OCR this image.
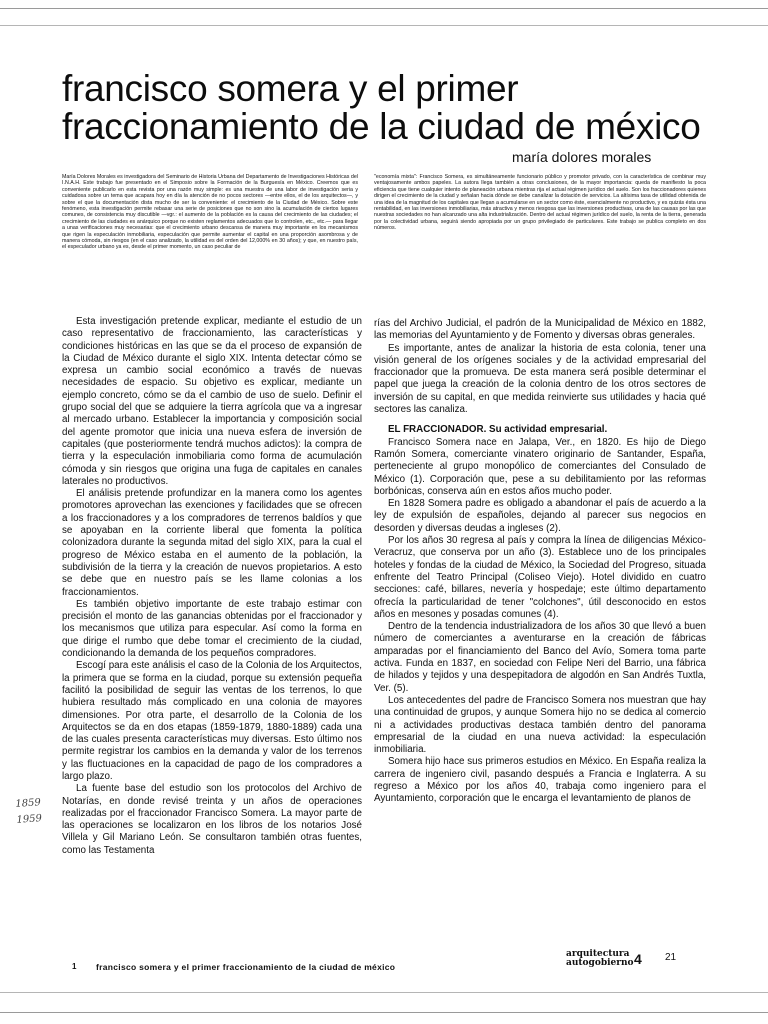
francisco somera y el primer fraccionamiento de la ciudad de méxico
maría dolores morales

María Dolores Morales es investigadora del Seminario de Historia Urbana del Departamento de Investigaciones Históricas del I.N.A.H. Este trabajo fue presentado en el Simposio sobre la Formación de la Burguesía en México. Creemos que es conveniente publicarlo en esta revista por una razón muy simple: es una muestra de una labor de investigación seria y cuidadosa sobre un tema que acapara hoy en día la atención de no pocos sectores —entre ellos, el de los arquitectos—, y sobre el que la documentación dista mucho de ser la conveniente: el crecimiento de la Ciudad de México. Sobre este fenómeno, esta investigación permite rebasar una serie de posiciones que no son sino la acumulación de ciertos lugares comunes, de consistencia muy discutible —vgr.: el aumento de la población es la causa del crecimiento de las ciudades; el crecimiento de las ciudades es anárquico porque no existen reglamentos adecuados que lo controlen, etc., etc.— para llegar a unas verificaciones muy necesarias: que el crecimiento urbano descansa de manera muy importante en los mecanismos que rigen la especulación inmobiliaria, especulación que permite aumentar el capital en una proporción asombrosa y de manera cómoda, sin riesgos (en el caso analizado, la utilidad es del orden del 12,000% en 30 años); y que, en nuestro país, el especulador urbano ya es, desde el primer momento, un caso peculiar de

"economía mixta": Francisco Somera, es simultáneamente funcionario público y promotor privado, con la característica de combinar muy ventajosamente ambos papeles. La autora llega también a otras conclusiones, de la mayor importancia: queda de manifiesto la poca eficiencia que tiene cualquier intento de planeación urbana mientras rija el actual régimen jurídico del suelo. Son los fraccionadores quienes dirigen el crecimiento de la ciudad y señalan hacia dónde se debe canalizar la dotación de servicios. La altísima tasa de utilidad obtenida de una idea de la magnitud de los capitales que llegan a acumularse en un sector como éste, esencialmente no productivo, y es quizás ésta una rentabilidad, en las inversiones inmobiliarias, más atractiva y menos riesgosa que las inversiones productivas, una de las causas por las que nuestras sociedades no han alcanzado una alta industrialización. Dentro del actual régimen jurídico del suelo, la renta de la tierra, generada por la colectividad urbana, seguirá siendo apropiada por un grupo privilegiado de particulares. Este trabajo se publica completo en dos números.

Esta investigación pretende explicar, mediante el estudio de un caso representativo de fraccionamiento, las características y condiciones históricas en las que se da el proceso de expansión de la Ciudad de México durante el siglo XIX. Intenta detectar cómo se expresa un cambio social económico a través de nuevas necesidades de espacio. Su objetivo es explicar, mediante un ejemplo concreto, cómo se da el cambio de uso de suelo. Definir el grupo social del que se adquiere la tierra agrícola que va a ingresar al mercado urbano. Establecer la importancia y composición social del agente promotor que inicia una nueva esfera de inversión de capitales (que posteriormente tendrá muchos adictos): la compra de tierra y la especulación inmobiliaria como forma de acumulación cómoda y sin riesgos que origina una fuga de capitales en canales laterales no productivos.

El análisis pretende profundizar en la manera como los agentes promotores aprovechan las exenciones y facilidades que se ofrecen a los fraccionadores y a los compradores de terrenos baldíos y que se apoyaban en la corriente liberal que fomenta la política colonizadora durante la segunda mitad del siglo XIX, para la cual el progreso de México estaba en el aumento de la población, la subdivisión de la tierra y la creación de nuevos propietarios. A esto se debe que en nuestro país se les llame colonias a los fraccionamientos.

Es también objetivo importante de este trabajo estimar con precisión el monto de las ganancias obtenidas por el fraccionador y los mecanismos que utiliza para especular. Así como la forma en que dirige el rumbo que debe tomar el crecimiento de la ciudad, condicionando la demanda de los pequeños compradores.

Escogí para este análisis el caso de la Colonia de los Arquitectos, la primera que se forma en la ciudad, porque su extensión pequeña facilitó la posibilidad de seguir las ventas de los terrenos, lo que hubiera resultado más complicado en una colonia de mayores dimensiones. Por otra parte, el desarrollo de la Colonia de los Arquitectos se da en dos etapas (1859-1879, 1880-1889) cada una de las cuales presenta características muy diversas. Esto último nos permite registrar los cambios en la demanda y valor de los terrenos y las fluctuaciones en la capacidad de pago de los compradores a largo plazo.

La fuente base del estudio son los protocolos del Archivo de Notarías, en donde revisé treinta y un años de operaciones realizadas por el fraccionador Francisco Somera. La mayor parte de las operaciones se localizaron en los libros de los notarios José Villela y Gil Mariano León. Se consultaron también otras fuentes, como las Testamenta

rías del Archivo Judicial, el padrón de la Municipalidad de México en 1882, las memorias del Ayuntamiento y de Fomento y diversas obras generales.

Es importante, antes de analizar la historia de esta colonia, tener una visión general de los orígenes sociales y de la actividad empresarial del fraccionador que la promueva. De esta manera será posible determinar el papel que juega la creación de la colonia dentro de los otros sectores de inversión de su capital, en que medida reinvierte sus utilidades y hacia qué sectores las canaliza.

EL FRACCIONADOR. Su actividad empresarial.

Francisco Somera nace en Jalapa, Ver., en 1820. Es hijo de Diego Ramón Somera, comerciante vinatero originario de Santander, España, perteneciente al grupo monopólico de comerciantes del Consulado de México (1). Corporación que, pese a su debilitamiento por las reformas borbónicas, conserva aún en estos años mucho poder.

En 1828 Somera padre es obligado a abandonar el país de acuerdo a la ley de expulsión de españoles, dejando al parecer sus negocios en desorden y diversas deudas a ingleses (2).

Por los años 30 regresa al país y compra la línea de diligencias México-Veracruz, que conserva por un año (3). Establece uno de los principales hoteles y fondas de la ciudad de México, la Sociedad del Progreso, situada enfrente del Teatro Principal (Coliseo Viejo). Hotel dividido en cuatro secciones: café, billares, nevería y hospedaje; este último departamento ofrecía la particularidad de tener "colchones", útil desconocido en estos años en mesones y posadas comunes (4).

Dentro de la tendencia industrializadora de los años 30 que llevó a buen número de comerciantes a aventurarse en la creación de fábricas amparadas por el financiamiento del Banco del Avío, Somera toma parte activa. Funda en 1837, en sociedad con Felipe Neri del Barrio, una fábrica de hilados y tejidos y una despepitadora de algodón en San Andrés Tuxtla, Ver. (5).

Los antecedentes del padre de Francisco Somera nos muestran que hay una continuidad de grupos, y aunque Somera hijo no se dedica al comercio ni a actividades productivas destaca también dentro del panorama empresarial de la ciudad en una nueva actividad: la especulación inmobiliaria.

Somera hijo hace sus primeros estudios en México. En España realiza la carrera de ingeniero civil, pasando después a Francia e Inglaterra. A su regreso a México por los años 40, trabaja como ingeniero para el Ayuntamiento, corporación que le encarga el levantamiento de planos de

1859
1959
1 francisco somera y el primer fraccionamiento de la ciudad de méxico
arquitectura
autogobierno 4 21
